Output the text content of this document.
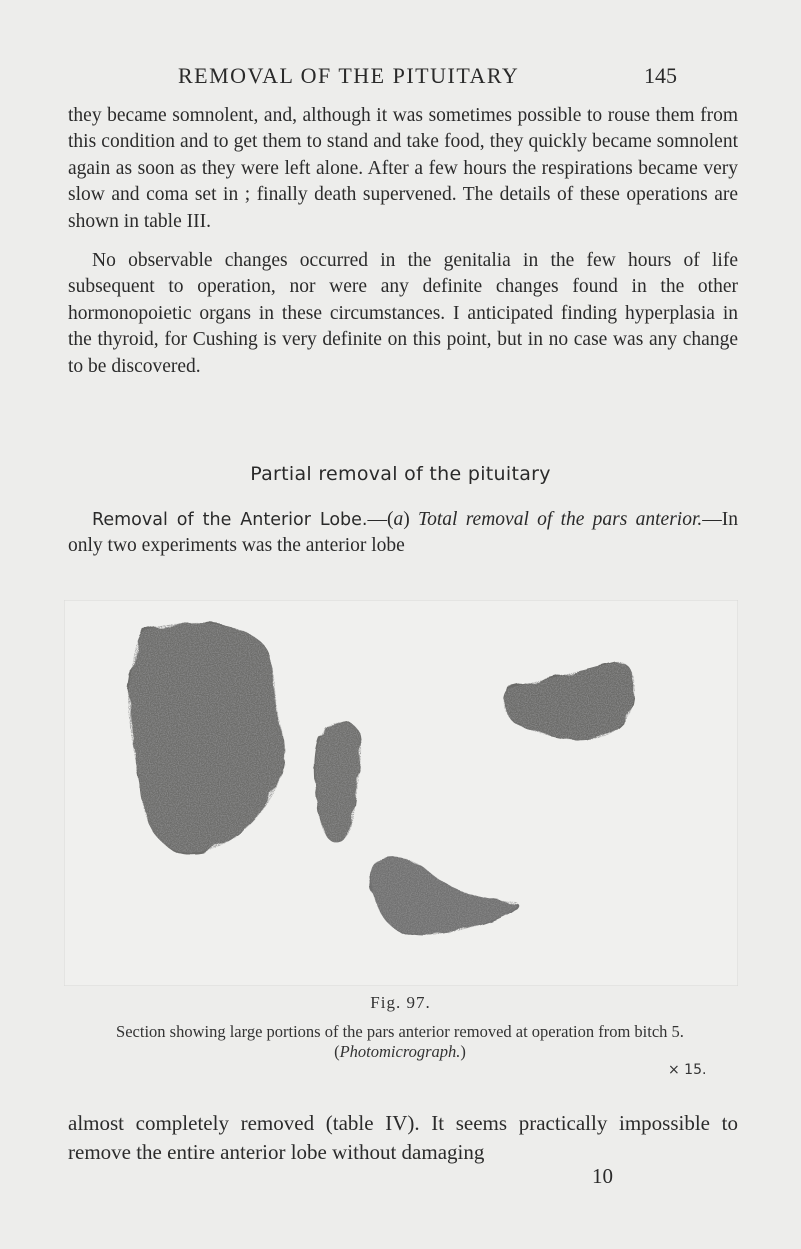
REMOVAL OF THE PITUITARY	145

they became somnolent, and, although it was sometimes possible to rouse them from this condition and to get them to stand and take food, they quickly became somnolent again as soon as they were left alone. After a few hours the respirations became very slow and coma set in ; finally death supervened. The details of these operations are shown in table III.

No observable changes occurred in the genitalia in the few hours of life subsequent to operation, nor were any definite changes found in the other hormonopoietic organs in these circumstances. I anticipated finding hyperplasia in the thyroid, for Cushing is very definite on this point, but in no case was any change to be discovered.

Partial removal of the pituitary

Removal of the Anterior Lobe.—(a) Total removal of the pars anterior.—In only two experiments was the anterior lobe

Fig. 97.

Section showing large portions of the pars anterior removed at operation from bitch 5. (Photomicrograph.)

× 15.

almost completely removed (table IV). It seems practically impossible to remove the entire anterior lobe without damaging

10
